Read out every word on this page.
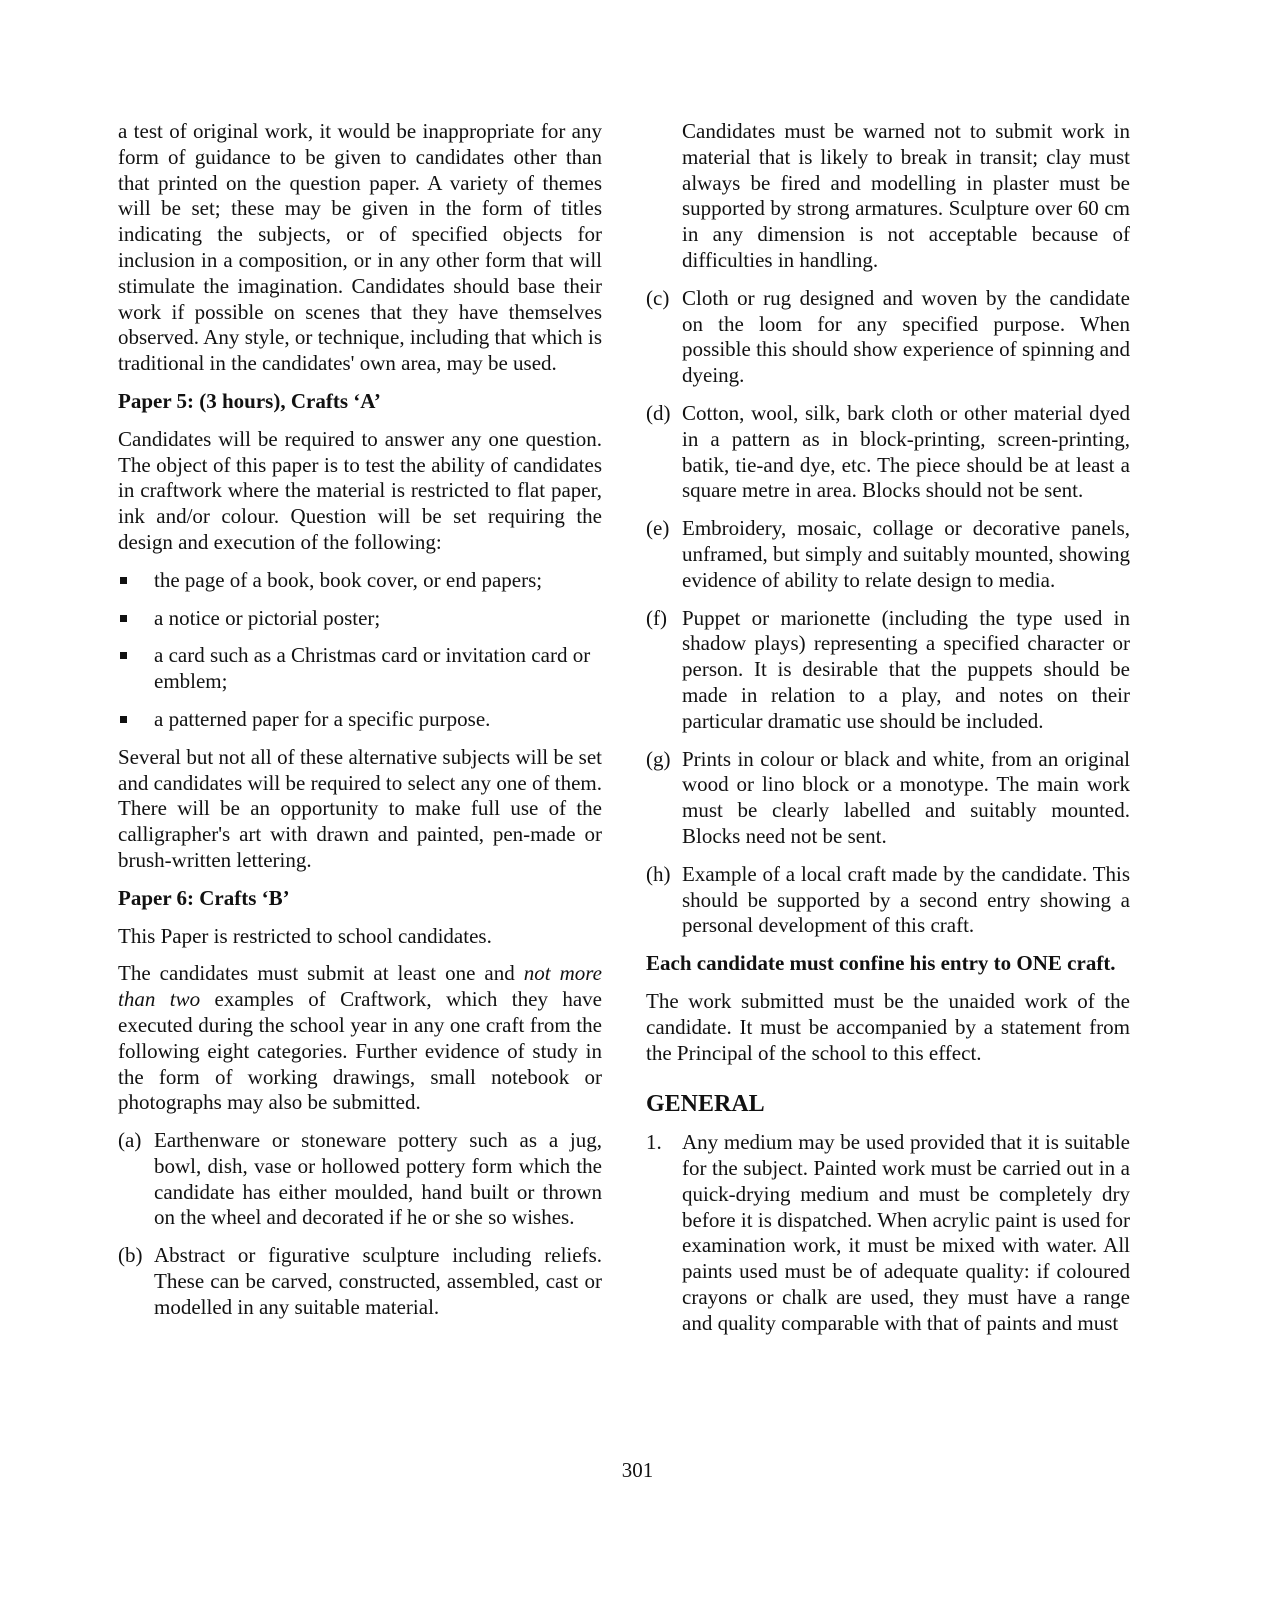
a test of original work, it would be inappropriate for any form of guidance to be given to candidates other than that printed on the question paper. A variety of themes will be set; these may be given in the form of titles indicating the subjects, or of specified objects for inclusion in a composition, or in any other form that will stimulate the imagination. Candidates should base their work if possible on scenes that they have themselves observed. Any style, or technique, including that which is traditional in the candidates' own area, may be used.

Paper 5: (3 hours), Crafts ‘A’

Candidates will be required to answer any one question. The object of this paper is to test the ability of candidates in craftwork where the material is restricted to flat paper, ink and/or colour. Question will be set requiring the design and execution of the following:

the page of a book, book cover, or end papers;
a notice or pictorial poster;
a card such as a Christmas card or invitation card or emblem;
a patterned paper for a specific purpose.

Several but not all of these alternative subjects will be set and candidates will be required to select any one of them. There will be an opportunity to make full use of the calligrapher's art with drawn and painted, pen-made or brush-written lettering.

Paper 6: Crafts ‘B’

This Paper is restricted to school candidates.

The candidates must submit at least one and not more than two examples of Craftwork, which they have executed during the school year in any one craft from the following eight categories. Further evidence of study in the form of working drawings, small notebook or photographs may also be submitted.

(a) Earthenware or stoneware pottery such as a jug, bowl, dish, vase or hollowed pottery form which the candidate has either moulded, hand built or thrown on the wheel and decorated if he or she so wishes.
(b) Abstract or figurative sculpture including reliefs. These can be carved, constructed, assembled, cast or modelled in any suitable material.
Candidates must be warned not to submit work in material that is likely to break in transit; clay must always be fired and modelling in plaster must be supported by strong armatures. Sculpture over 60 cm in any dimension is not acceptable because of difficulties in handling.
(c) Cloth or rug designed and woven by the candidate on the loom for any specified purpose. When possible this should show experience of spinning and dyeing.
(d) Cotton, wool, silk, bark cloth or other material dyed in a pattern as in block-printing, screen-printing, batik, tie-and dye, etc. The piece should be at least a square metre in area. Blocks should not be sent.
(e) Embroidery, mosaic, collage or decorative panels, unframed, but simply and suitably mounted, showing evidence of ability to relate design to media.
(f) Puppet or marionette (including the type used in shadow plays) representing a specified character or person. It is desirable that the puppets should be made in relation to a play, and notes on their particular dramatic use should be included.
(g) Prints in colour or black and white, from an original wood or lino block or a monotype. The main work must be clearly labelled and suitably mounted. Blocks need not be sent.
(h) Example of a local craft made by the candidate. This should be supported by a second entry showing a personal development of this craft.
Each candidate must confine his entry to ONE craft.

The work submitted must be the unaided work of the candidate. It must be accompanied by a statement from the Principal of the school to this effect.

GENERAL
1. Any medium may be used provided that it is suitable for the subject. Painted work must be carried out in a quick-drying medium and must be completely dry before it is dispatched. When acrylic paint is used for examination work, it must be mixed with water. All paints used must be of adequate quality: if coloured crayons or chalk are used, they must have a range and quality comparable with that of paints and must
301
